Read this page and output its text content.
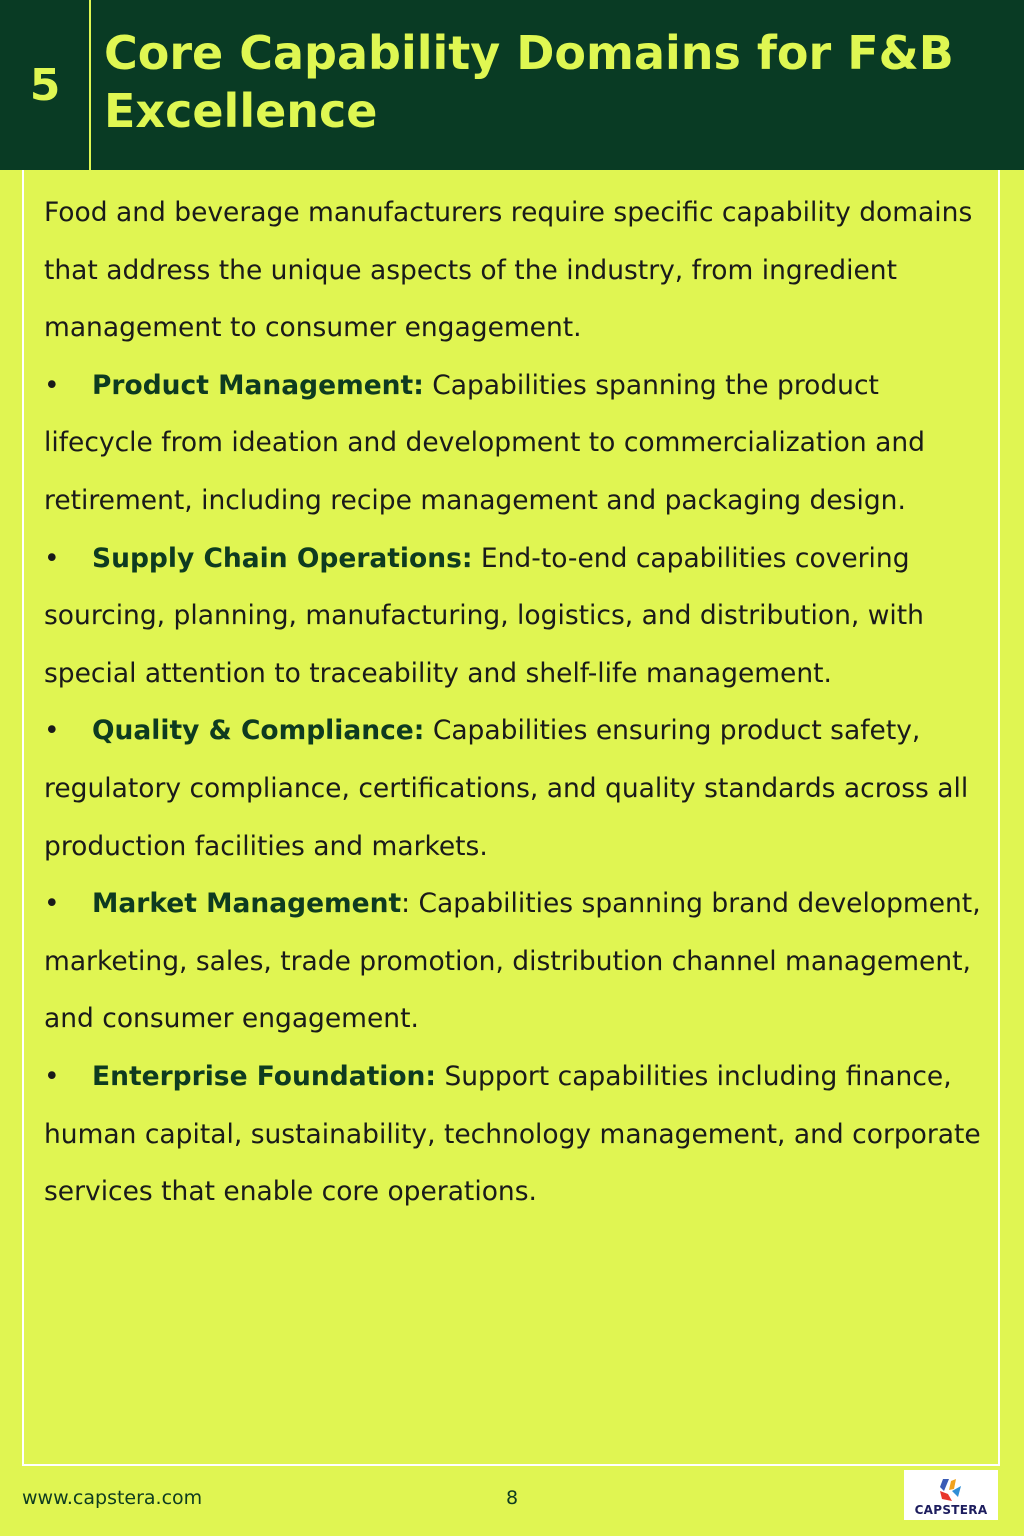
5
Core Capability Domains for F&B Excellence

Food and beverage manufacturers require specific capability domains that address the unique aspects of the industry, from ingredient management to consumer engagement.

• Product Management: Capabilities spanning the product lifecycle from ideation and development to commercialization and retirement, including recipe management and packaging design.

• Supply Chain Operations: End-to-end capabilities covering sourcing, planning, manufacturing, logistics, and distribution, with special attention to traceability and shelf-life management.

• Quality & Compliance: Capabilities ensuring product safety, regulatory compliance, certifications, and quality standards across all production facilities and markets.

• Market Management: Capabilities spanning brand development, marketing, sales, trade promotion, distribution channel management, and consumer engagement.

• Enterprise Foundation: Support capabilities including finance, human capital, sustainability, technology management, and corporate services that enable core operations.

www.capstera.com	8
CAPSTERA
